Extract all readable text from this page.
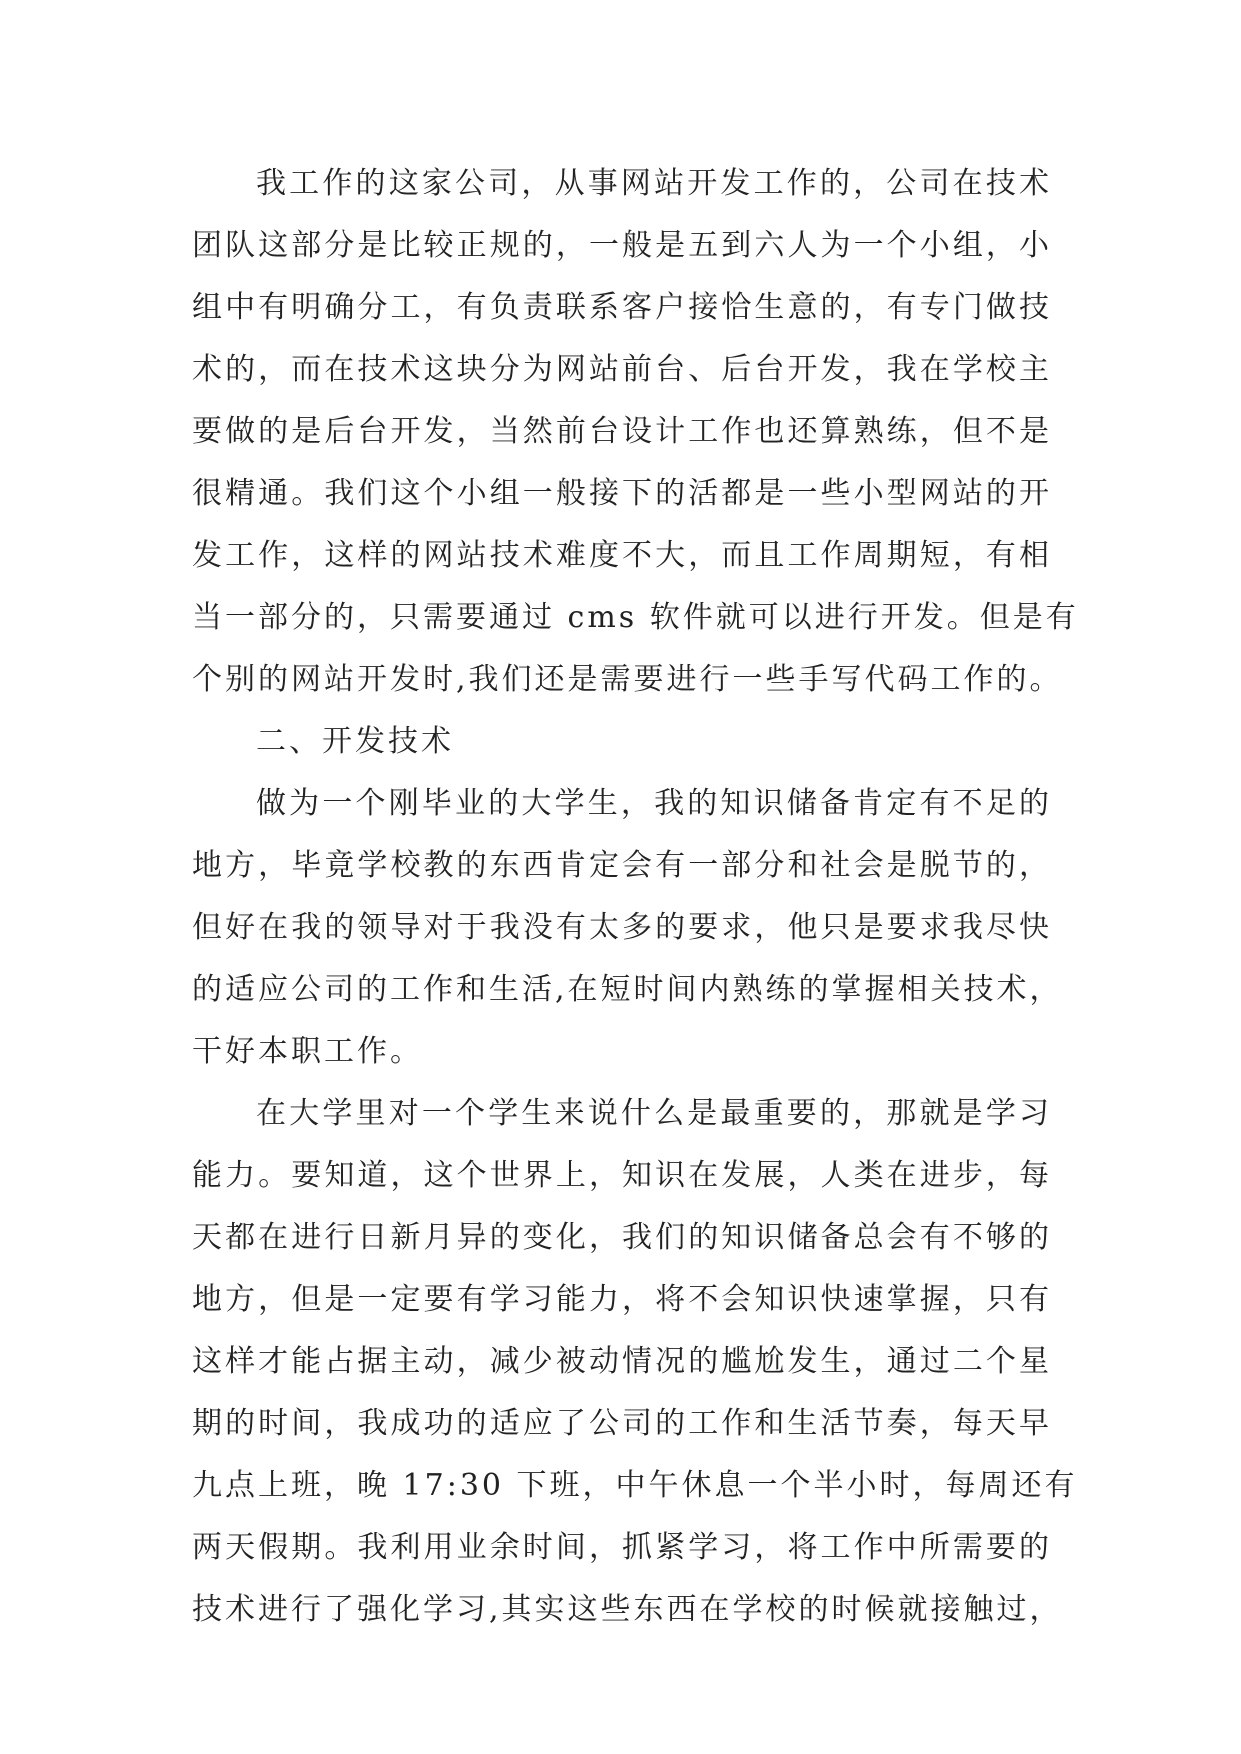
我工作的这家公司，从事网站开发工作的，公司在技术
团队这部分是比较正规的，一般是五到六人为一个小组，小
组中有明确分工，有负责联系客户接恰生意的，有专门做技
术的，而在技术这块分为网站前台、后台开发，我在学校主
要做的是后台开发，当然前台设计工作也还算熟练，但不是
很精通。我们这个小组一般接下的活都是一些小型网站的开
发工作，这样的网站技术难度不大，而且工作周期短，有相
当一部分的，只需要通过 cms 软件就可以进行开发。但是有
个别的网站开发时,我们还是需要进行一些手写代码工作的。
二、开发技术
做为一个刚毕业的大学生，我的知识储备肯定有不足的
地方，毕竟学校教的东西肯定会有一部分和社会是脱节的，
但好在我的领导对于我没有太多的要求，他只是要求我尽快
的适应公司的工作和生活,在短时间内熟练的掌握相关技术，
干好本职工作。
在大学里对一个学生来说什么是最重要的，那就是学习
能力。要知道，这个世界上，知识在发展，人类在进步，每
天都在进行日新月异的变化，我们的知识储备总会有不够的
地方，但是一定要有学习能力，将不会知识快速掌握，只有
这样才能占据主动，减少被动情况的尴尬发生，通过二个星
期的时间，我成功的适应了公司的工作和生活节奏，每天早
九点上班，晚 17:30 下班，中午休息一个半小时，每周还有
两天假期。我利用业余时间，抓紧学习，将工作中所需要的
技术进行了强化学习,其实这些东西在学校的时候就接触过，
